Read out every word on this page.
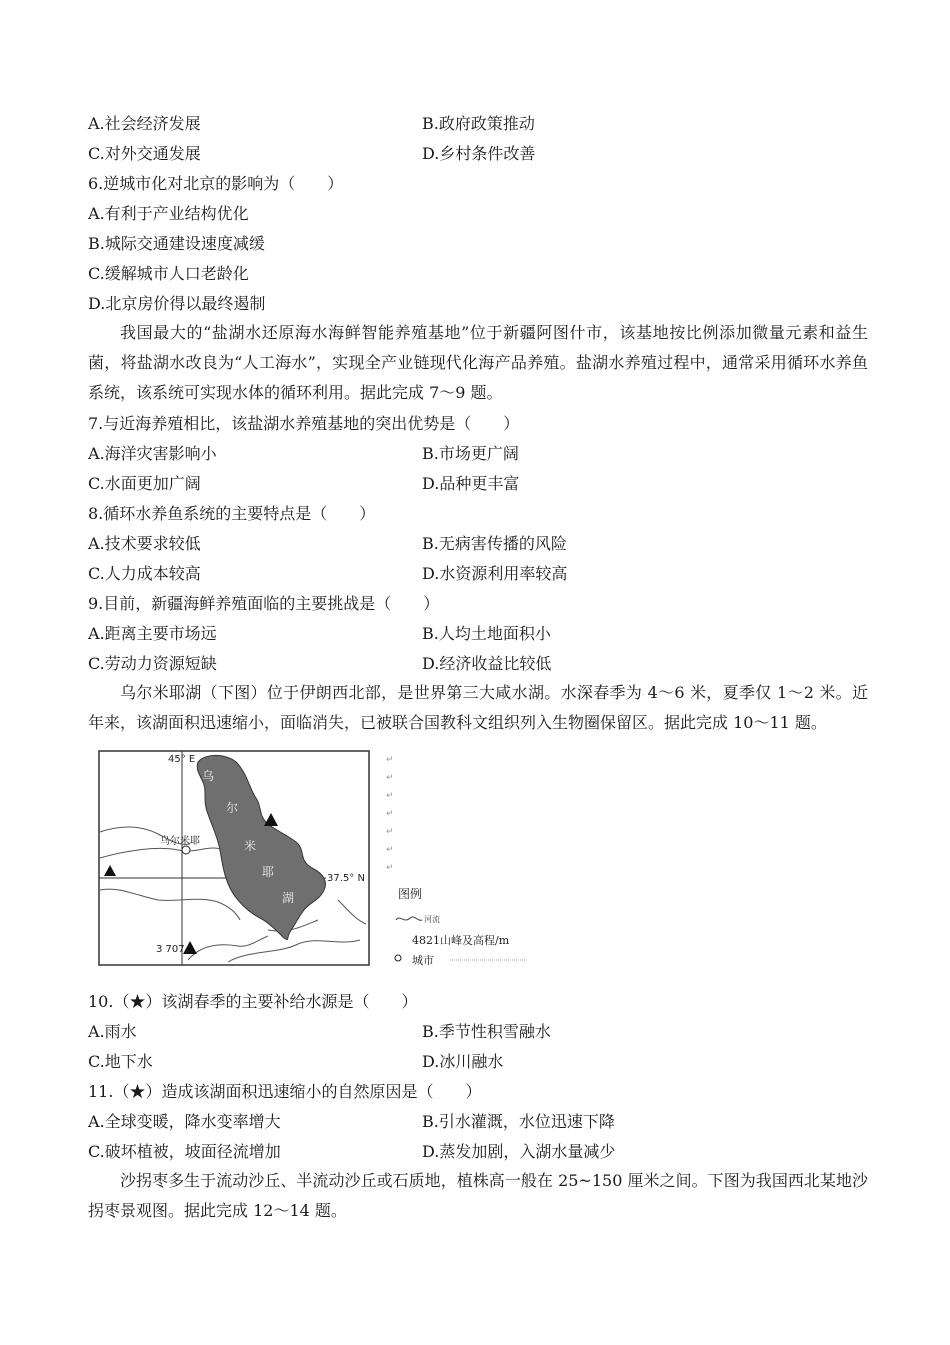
A.社会经济发展	B.政府政策推动
C.对外交通发展	D.乡村条件改善
6.逆城市化对北京的影响为（　　）
A.有利于产业结构优化
B.城际交通建设速度减缓
C.缓解城市人口老龄化
D.北京房价得以最终遏制

我国最大的“盐湖水还原海水海鲜智能养殖基地”位于新疆阿图什市，该基地按比例添加微量元素和益生菌，将盐湖水改良为“人工海水”，实现全产业链现代化海产品养殖。盐湖水养殖过程中，通常采用循环水养鱼系统，该系统可实现水体的循环利用。据此完成 7～9 题。

7.与近海养殖相比，该盐湖水养殖基地的突出优势是（　　）
A.海洋灾害影响小	B.市场更广阔
C.水面更加广阔	D.品种更丰富
8.循环水养鱼系统的主要特点是（　　）
A.技术要求较低	B.无病害传播的风险
C.人力成本较高	D.水资源利用率较高
9.目前，新疆海鲜养殖面临的主要挑战是（　　）
A.距离主要市场远	B.人均土地面积小
C.劳动力资源短缺	D.经济收益比较低

乌尔米耶湖（下图）位于伊朗西北部，是世界第三大咸水湖。水深春季为 4～6 米，夏季仅 1～2 米。近年来，该湖面积迅速缩小，面临消失，已被联合国教科文组织列入生物圈保留区。据此完成 10～11 题。

45° E
37.5° N
乌
尔
米
耶
湖
乌尔米耶
3 707
↵
↵
↵
↵
↵
↵
↵
图例
河流
4821山峰及高程/m
城市
10.（★）该湖春季的主要补给水源是（　　）
A.雨水	B.季节性积雪融水
C.地下水	D.冰川融水
11.（★）造成该湖面积迅速缩小的自然原因是（　　）
A.全球变暖，降水变率增大	B.引水灌溉，水位迅速下降
C.破坏植被，坡面径流增加	D.蒸发加剧，入湖水量减少

沙拐枣多生于流动沙丘、半流动沙丘或石质地，植株高一般在 25~150 厘米之间。下图为我国西北某地沙拐枣景观图。据此完成 12～14 题。
